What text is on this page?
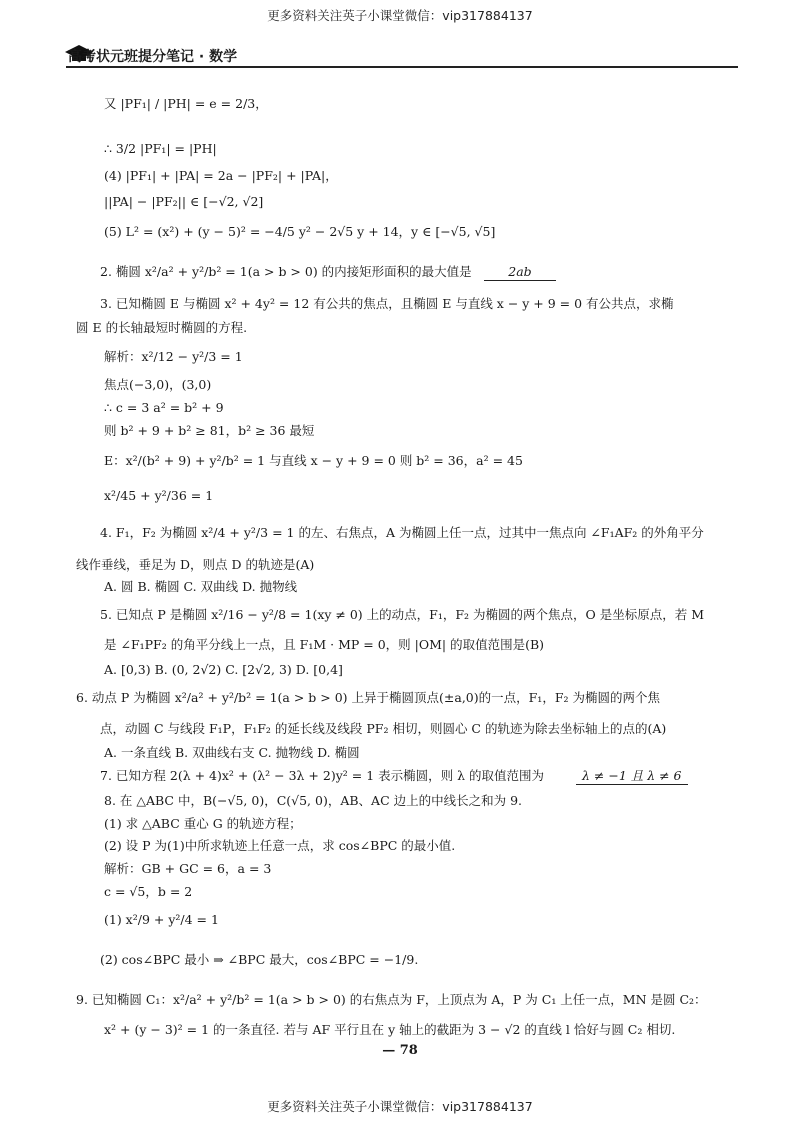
更多资料关注英子小课堂微信：vip317884137
高考状元班提分笔记 · 数学
又 |PF₁| / |PH| = e = 2/3，
∴ 3/2 |PF₁| = |PH|
(4) |PF₁| + |PA| = 2a − |PF₂| + |PA|，
||PA| − |PF₂|| ∈ [−√2, √2]
(5) L² = (x²) + (y − 5)² = −4/5 y² − 2√5 y + 14，y ∈ [−√5, √5]
2. 椭圆 x²/a² + y²/b² = 1(a > b > 0) 的内接矩形面积的最大值是
3. 已知椭圆 E 与椭圆 x² + 4y² = 12 有公共的焦点，且椭圆 E 与直线 x − y + 9 = 0 有公共点，求椭
圆 E 的长轴最短时椭圆的方程.
解析：x²/12 − y²/3 = 1
焦点(−3,0)，(3,0)
∴ c = 3 a² = b² + 9
则 b² + 9 + b² ≥ 81，b² ≥ 36 最短
E：x²/(b² + 9) + y²/b² = 1 与直线 x − y + 9 = 0 则 b² = 36，a² = 45
x²/45 + y²/36 = 1
4. F₁，F₂ 为椭圆 x²/4 + y²/3 = 1 的左、右焦点，A 为椭圆上任一点，过其中一焦点向 ∠F₁AF₂ 的外角平分
线作垂线，垂足为 D，则点 D 的轨迹是(A)
A. 圆 B. 椭圆 C. 双曲线 D. 抛物线
5. 已知点 P 是椭圆 x²/16 − y²/8 = 1(xy ≠ 0) 上的动点，F₁，F₂ 为椭圆的两个焦点，O 是坐标原点，若 M
是 ∠F₁PF₂ 的角平分线上一点，且 F₁M · MP = 0，则 |OM| 的取值范围是(B)
A. [0,3) B. (0, 2√2) C. [2√2, 3) D. [0,4]
6. 动点 P 为椭圆 x²/a² + y²/b² = 1(a > b > 0) 上异于椭圆顶点(±a,0)的一点，F₁，F₂ 为椭圆的两个焦
点，动圆 C 与线段 F₁P，F₁F₂ 的延长线及线段 PF₂ 相切，则圆心 C 的轨迹为除去坐标轴上的点的(A)
A. 一条直线 B. 双曲线右支 C. 抛物线 D. 椭圆
7. 已知方程 2(λ + 4)x² + (λ² − 3λ + 2)y² = 1 表示椭圆，则 λ 的取值范围为
8. 在 △ABC 中，B(−√5, 0)，C(√5, 0)，AB、AC 边上的中线长之和为 9.
(1) 求 △ABC 重心 G 的轨迹方程；
(2) 设 P 为(1)中所求轨迹上任意一点，求 cos∠BPC 的最小值.
解析：GB + GC = 6，a = 3
c = √5，b = 2
(1) x²/9 + y²/4 = 1
(2) cos∠BPC 最小 ⇒ ∠BPC 最大，cos∠BPC = −1/9.
9. 已知椭圆 C₁：x²/a² + y²/b² = 1(a > b > 0) 的右焦点为 F，上顶点为 A，P 为 C₁ 上任一点，MN 是圆 C₂：
x² + (y − 3)² = 1 的一条直径. 若与 AF 平行且在 y 轴上的截距为 3 − √2 的直线 l 恰好与圆 C₂ 相切.
2ab
λ ≠ −1 且 λ ≠ 6
— 78
更多资料关注英子小课堂微信：vip317884137
